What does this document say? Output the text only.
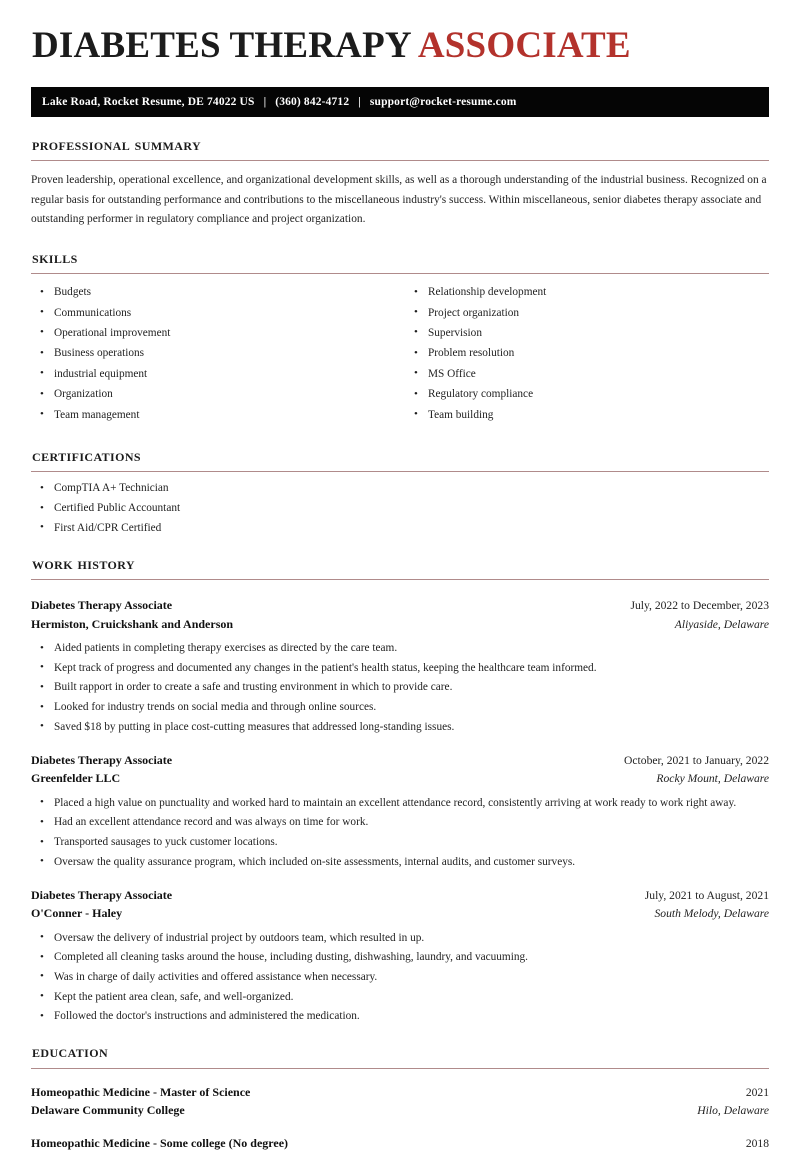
DIABETES THERAPY ASSOCIATE
Lake Road, Rocket Resume, DE 74022 US | (360) 842-4712 | support@rocket-resume.com
professional summary

Proven leadership, operational excellence, and organizational development skills, as well as a thorough understanding of the industrial business. Recognized on a regular basis for outstanding performance and contributions to the miscellaneous industry's success. Within miscellaneous, senior diabetes therapy associate and outstanding performer in regulatory compliance and project organization.

skills
• Budgets
• Communications
• Operational improvement
• Business operations
• industrial equipment
• Organization
• Team management
• Relationship development
• Project organization
• Supervision
• Problem resolution
• MS Office
• Regulatory compliance
• Team building
certifications
• CompTIA A+ Technician
• Certified Public Accountant
• First Aid/CPR Certified
work history
Diabetes Therapy Associate	July, 2022 to December, 2023
Hermiston, Cruickshank and Anderson	Aliyaside, Delaware
• Aided patients in completing therapy exercises as directed by the care team.
• Kept track of progress and documented any changes in the patient's health status, keeping the healthcare team informed.
• Built rapport in order to create a safe and trusting environment in which to provide care.
• Looked for industry trends on social media and through online sources.
• Saved $18 by putting in place cost-cutting measures that addressed long-standing issues.
Diabetes Therapy Associate	October, 2021 to January, 2022
Greenfelder LLC	Rocky Mount, Delaware
• Placed a high value on punctuality and worked hard to maintain an excellent attendance record, consistently arriving at work ready to work right away.
• Had an excellent attendance record and was always on time for work.
• Transported sausages to yuck customer locations.
• Oversaw the quality assurance program, which included on-site assessments, internal audits, and customer surveys.
Diabetes Therapy Associate	July, 2021 to August, 2021
O'Conner - Haley	South Melody, Delaware
• Oversaw the delivery of industrial project by outdoors team, which resulted in up.
• Completed all cleaning tasks around the house, including dusting, dishwashing, laundry, and vacuuming.
• Was in charge of daily activities and offered assistance when necessary.
• Kept the patient area clean, safe, and well-organized.
• Followed the doctor's instructions and administered the medication.
education
Homeopathic Medicine - Master of Science	2021
Delaware Community College	Hilo, Delaware
Homeopathic Medicine - Some college (No degree)	2018
